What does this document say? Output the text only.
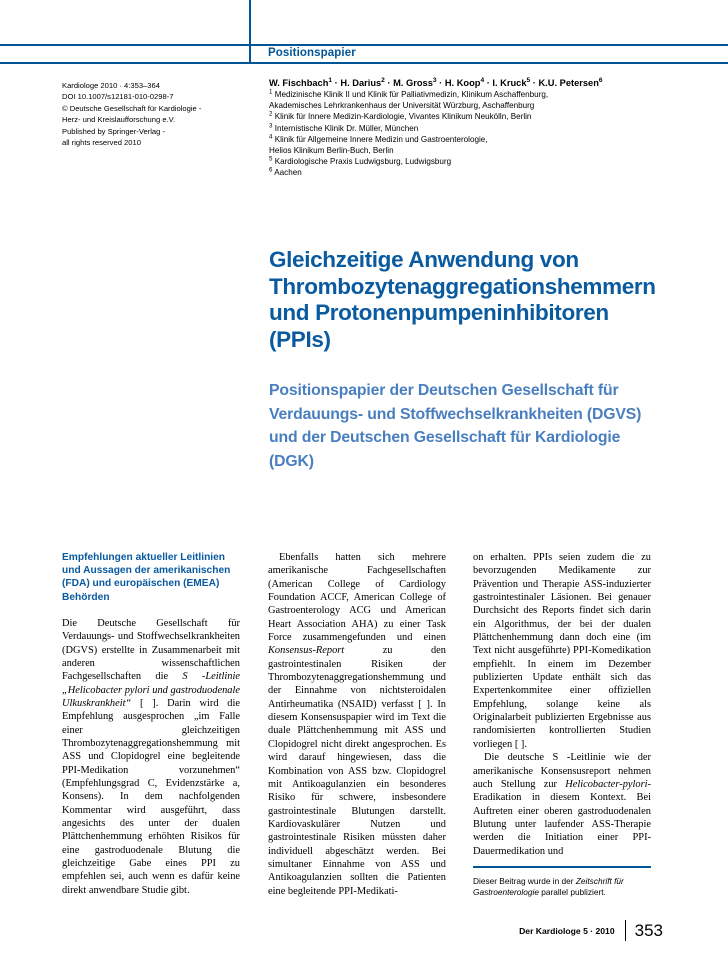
Positionspapier
Kardiologe 2010 · 4:353–364
DOI 10.1007/s12181-010-0298-7
© Deutsche Gesellschaft für Kardiologie -
Herz- und Kreislaufforschung e.V.
Published by Springer-Verlag -
all rights reserved 2010
W. Fischbach$^1$ · H. Darius$^2$ · M. Gross$^3$ · H. Koop$^4$ · I. Kruck$^5$ · K.U. Petersen$^6$
$^1$ Medizinische Klinik II und Klinik für Palliativmedizin, Klinikum Aschaffenburg,
Akademisches Lehrkrankenhaus der Universität Würzburg, Aschaffenburg
$^2$ Klinik für Innere Medizin-Kardiologie, Vivantes Klinikum Neukölln, Berlin
$^3$ Internistische Klinik Dr. Müller, München
$^4$ Klinik für Allgemeine Innere Medizin und Gastroenterologie,
Helios Klinikum Berlin-Buch, Berlin
$^5$ Kardiologische Praxis Ludwigsburg, Ludwigsburg
$^6$ Aachen
Gleichzeitige Anwendung von Thrombozytenaggregationshemmern und Protonenpumpeninhibitoren (PPIs)
Positionspapier der Deutschen Gesellschaft für Verdauungs- und Stoffwechselkrankheiten (DGVS) und der Deutschen Gesellschaft für Kardiologie (DGK)
Empfehlungen aktueller Leitlinien und Aussagen der amerikanischen (FDA) und europäischen (EMEA) Behörden

Die Deutsche Gesellschaft für Verdauungs- und Stoffwechselkrankheiten (DGVS) erstellte in Zusammenarbeit mit anderen wissenschaftlichen Fachgesellschaften die S -Leitlinie „Helicobacter pylori und gastroduodenale Ulkuskrankheit“ [ ]. Darin wird die Empfehlung ausgesprochen „im Falle einer gleichzeitigen Thrombozytenaggregationshemmung mit ASS und Clopidogrel eine begleitende PPI-Medikation vorzunehmen“ (Empfehlungsgrad C, Evidenzstärke a, Konsens). In dem nachfolgenden Kommentar wird ausgeführt, dass angesichts des unter der dualen Plättchenhemmung erhöhten Risikos für eine gastroduodenale Blutung die gleichzeitige Gabe eines PPI zu empfehlen sei, auch wenn es dafür keine direkt anwendbare Studie gibt.

Ebenfalls hatten sich mehrere amerikanische Fachgesellschaften (American College of Cardiology Foundation ACCF, American College of Gastroenterology ACG und American Heart Association AHA) zu einer Task Force zusammengefunden und einen Konsensus-Report zu den gastrointestinalen Risiken der Thrombozytenaggregationshemmung und der Einnahme von nichtsteroidalen Antirheumatika (NSAID) verfasst [ ]. In diesem Konsensuspapier wird im Text die duale Plättchenhemmung mit ASS und Clopidogrel nicht direkt angesprochen. Es wird darauf hingewiesen, dass die Kombination von ASS bzw. Clopidogrel mit Antikoagulanzien ein besonderes Risiko für schwere, insbesondere gastrointestinale Blutungen darstellt. Kardiovaskulärer Nutzen und gastrointestinale Risiken müssten daher individuell abgeschätzt werden. Bei simultaner Einnahme von ASS und Antikoagulanzien sollten die Patienten eine begleitende PPI-Medikati-

on erhalten. PPIs seien zudem die zu bevorzugenden Medikamente zur Prävention und Therapie ASS-induzierter gastrointestinaler Läsionen. Bei genauer Durchsicht des Reports findet sich darin ein Algorithmus, der bei der dualen Plättchenhemmung dann doch eine (im Text nicht ausgeführte) PPI-Komedikation empfiehlt. In einem im Dezember publizierten Update enthält sich das Expertenkommitee einer offiziellen Empfehlung, solange keine als Originalarbeit publizierten Ergebnisse aus randomisierten kontrollierten Studien vorliegen [ ].

Die deutsche S -Leitlinie wie der amerikanische Konsensusreport nehmen auch Stellung zur Helicobacter-pylori-Eradikation in diesem Kontext. Bei Auftreten einer oberen gastroduodenalen Blutung unter laufender ASS-Therapie werden die Initiation einer PPI-Dauermedikation und

Dieser Beitrag wurde in der Zeitschrift für Gastroenterologie parallel publiziert.
Der Kardiologe 5 · 2010 353
